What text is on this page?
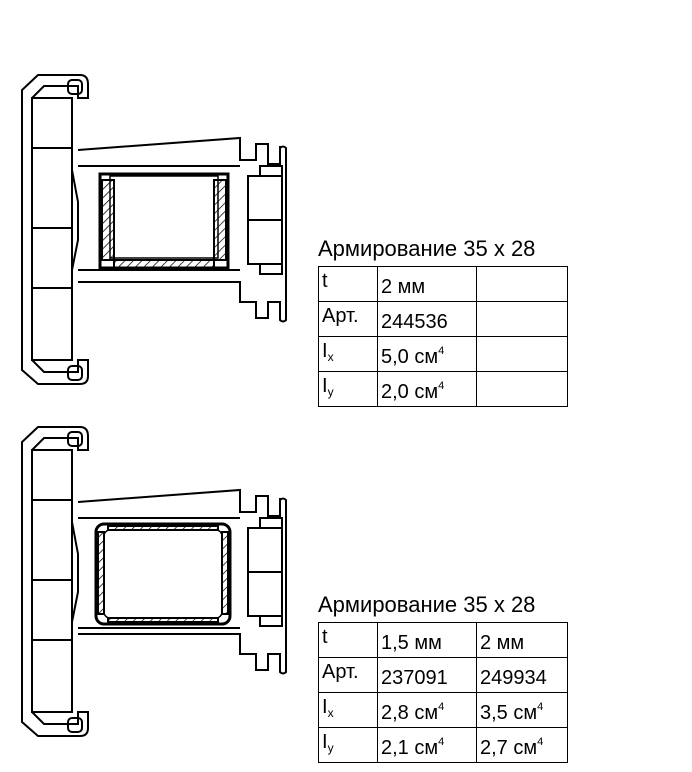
Армирование 35 х 28
t	2 мм	
Арт.	244536	
$I_x$	5,0 $см^4$	
$I_y$	2,0 $см^4$	
Армирование 35 х 28
t	1,5 мм	2 мм
Арт.	237091	249934
$I_x$	2,8 $см^4$	3,5 $см^4$
$I_y$	2,1 $см^4$	2,7 $см^4$
